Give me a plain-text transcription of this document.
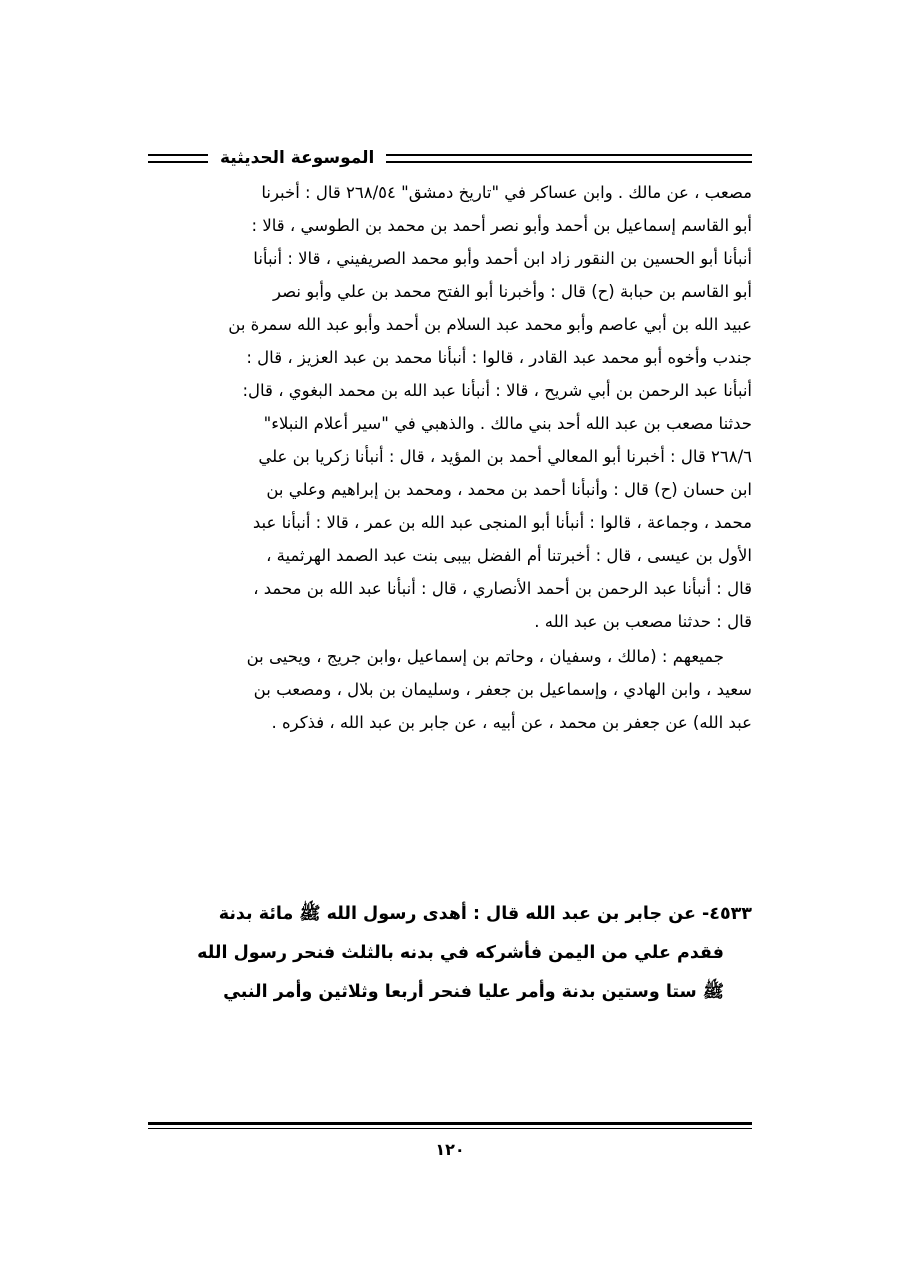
الموسوعة الحديثية

مصعب ، عن مالك . وابن عساكر في "تاريخ دمشق" ٢٦٨/٥٤ قال : أخبرنا

أبو القاسم إسماعيل بن أحمد وأبو نصر أحمد بن محمد بن الطوسي ، قالا :

أنبأنا أبو الحسين بن النقور زاد ابن أحمد وأبو محمد الصريفيني ، قالا : أنبأنا

أبو القاسم بن حبابة (ح) قال : وأخبرنا أبو الفتح محمد بن علي وأبو نصر

عبيد الله بن أبي عاصم وأبو محمد عبد السلام بن أحمد وأبو عبد الله سمرة بن

جندب وأخوه أبو محمد عبد القادر ، قالوا : أنبأنا محمد بن عبد العزيز ، قال :

أنبأنا عبد الرحمن بن أبي شريح ، قالا : أنبأنا عبد الله بن محمد البغوي ، قال:

حدثنا مصعب بن عبد الله أحد بني مالك . والذهبي في "سير أعلام النبلاء"

٢٦٨/٦ قال : أخبرنا أبو المعالي أحمد بن المؤيد ، قال : أنبأنا زكريا بن علي

ابن حسان (ح) قال : وأنبأنا أحمد بن محمد ، ومحمد بن إبراهيم وعلي بن

محمد ، وجماعة ، قالوا : أنبأنا أبو المنجى عبد الله بن عمر ، قالا : أنبأنا عبد

الأول بن عيسى ، قال : أخبرتنا أم الفضل بيبى بنت عبد الصمد الهرثمية ،

قال : أنبأنا عبد الرحمن بن أحمد الأنصاري ، قال : أنبأنا عبد الله بن محمد ،

قال : حدثنا مصعب بن عبد الله .

جميعهم : (مالك ، وسفيان ، وحاتم بن إسماعيل ،وابن جريج ، ويحيى بن

سعيد ، وابن الهادي ، وإسماعيل بن جعفر ، وسليمان بن بلال ، ومصعب بن

عبد الله) عن جعفر بن محمد ، عن أبيه ، عن جابر بن عبد الله ، فذكره .

٤٥٣٣- عن جابر بن عبد الله قال : أهدى رسول الله ﷺ مائة بدنة

فقدم علي من اليمن فأشركه في بدنه بالثلث فنحر رسول الله

ﷺ ستا وستين بدنة وأمر عليا فنحر أربعا وثلاثين وأمر النبي

١٢٠
